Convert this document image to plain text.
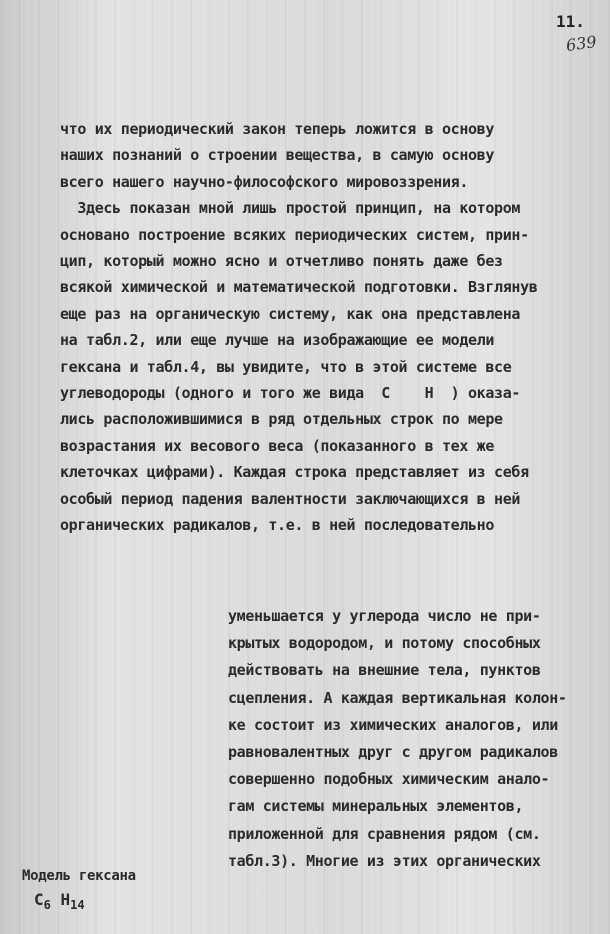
11.
639
что их периодический закон теперь ложится в основу
наших познаний о строении вещества, в самую основу
всего нашего научно-философского мировоззрения.
Здесь показан мной лишь простой принцип, на котором
основано построение всяких периодических систем, прин-
цип, который можно ясно и отчетливо понять даже без
всякой химической и математической подготовки. Взглянув
еще раз на органическую систему, как она представлена
на табл.2, или еще лучше на изображающие ее модели
гексана и табл.4, вы увидите, что в этой системе все
углеводороды (одного и того же вида  C    H  ) оказа-
лись расположившимися в ряд отдельных строк по мере
возрастания их весового веса (показанного в тех же
клеточках цифрами). Каждая строка представляет из себя
особый период падения валентности заключающихся в ней
органических радикалов, т.е. в ней последовательно
уменьшается у углерода число не при-
крытых водородом, и потому способных
действовать на внешние тела, пунктов
сцепления. А каждая вертикальная колон-
ке состоит из химических аналогов, или
равновалентных друг с другом радикалов
совершенно подобных химическим анало-
гам системы минеральных элементов,
приложенной для сравнения рядом (см.
табл.3). Многие из этих органических
Модель гексана
$C_6$ $H_{14}$
